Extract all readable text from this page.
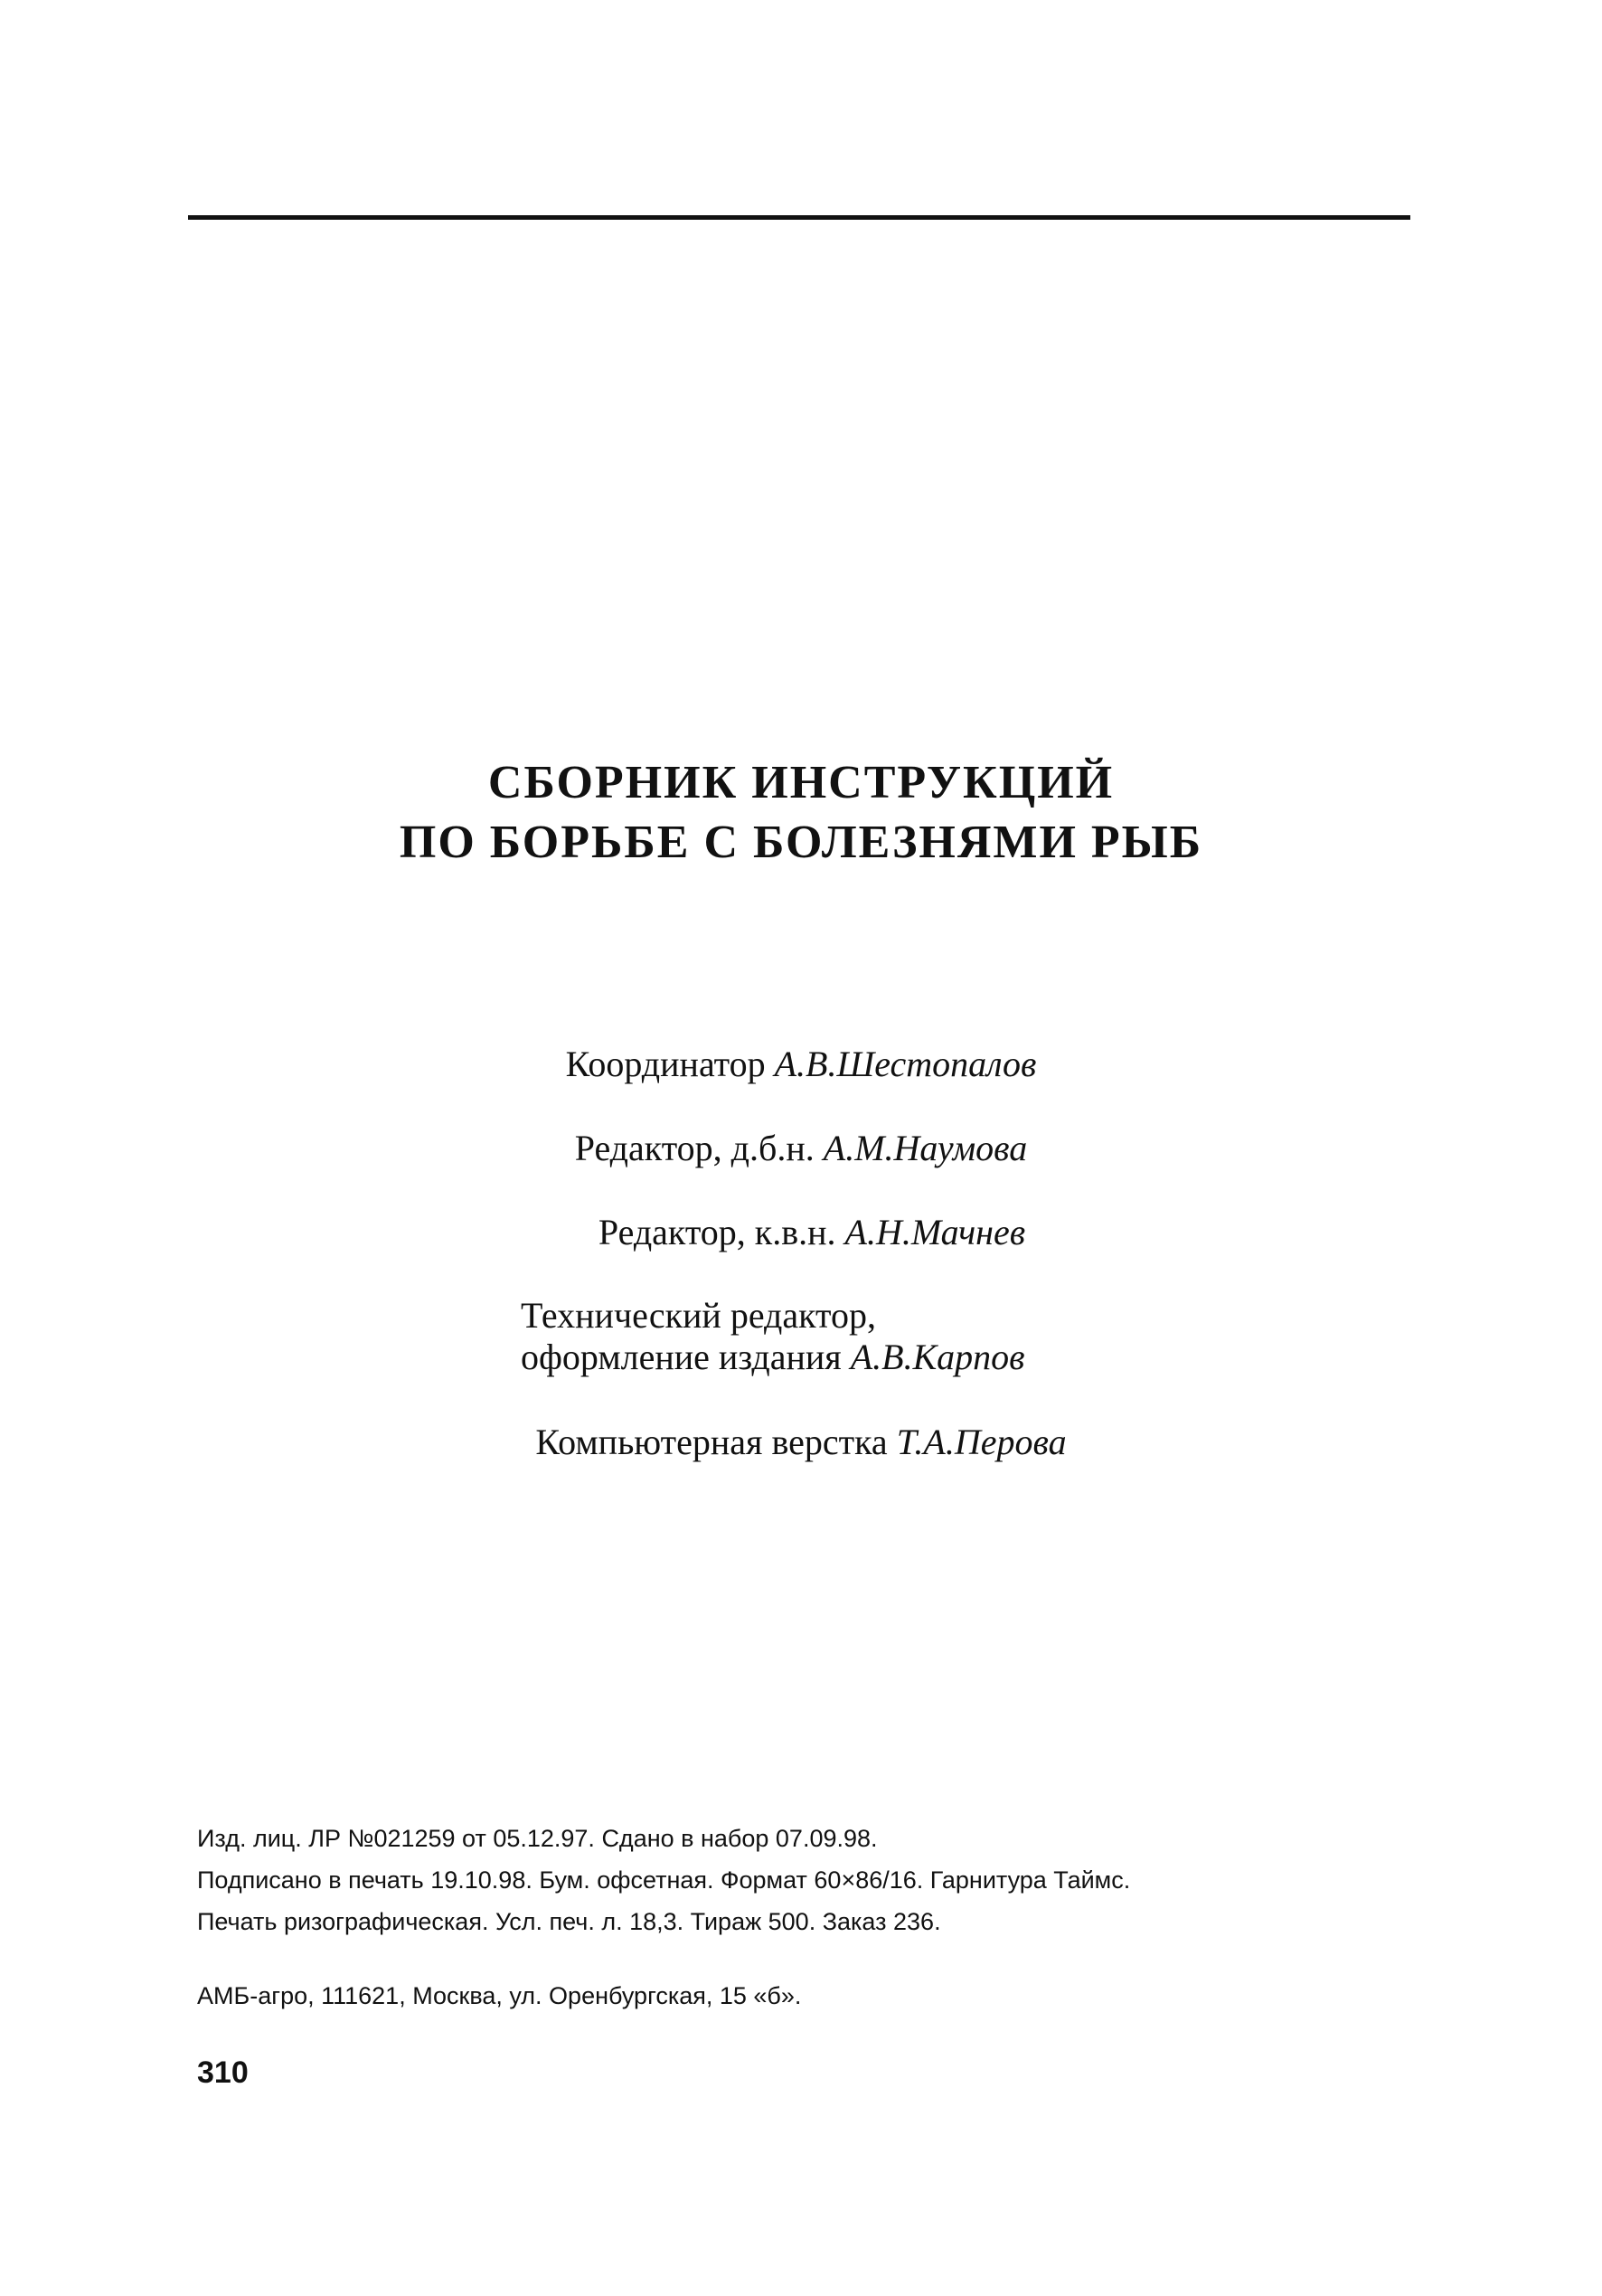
СБОРНИК ИНСТРУКЦИЙ
ПО БОРЬБЕ С БОЛЕЗНЯМИ РЫБ
Координатор А.В.Шестопалов
Редактор, д.б.н. А.М.Наумова
Редактор, к.в.н. А.Н.Мачнев
Технический редактор,
оформление издания А.В.Карпов
Компьютерная верстка Т.А.Перова
Изд. лиц. ЛР №021259 от 05.12.97. Сдано в набор 07.09.98.
Подписано в печать 19.10.98. Бум. офсетная. Формат 60×86/16. Гарнитура Таймс.
Печать ризографическая. Усл. печ. л. 18,3. Тираж 500. Заказ 236.
АМБ-агро, 111621, Москва, ул. Оренбургская, 15 «б».
310
